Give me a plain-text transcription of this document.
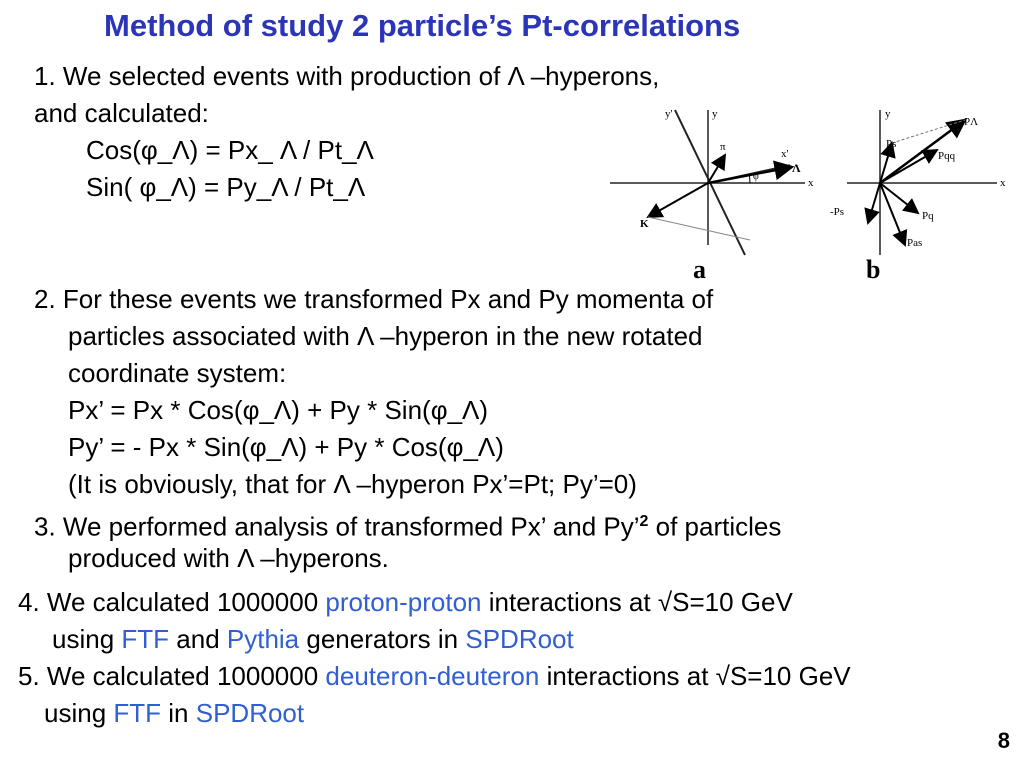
Method of study 2 particle’s Pt-correlations
1. We selected events with production of Λ –hyperons,
and calculated:
Cos(φ_Λ) = Px_ Λ / Pt_Λ
Sin( φ_Λ) = Py_Λ / Pt_Λ
y'	y
x'
x
π
Λ
φ
K
a
y
x
PΛ
Ps
Pqq
-Ps	Pq
Pas
b
2. For these events we transformed Px and Py momenta of
particles associated with Λ –hyperon in the new rotated
coordinate system:
Px’ = Px * Cos(φ_Λ) + Py * Sin(φ_Λ)
Py’ = - Px * Sin(φ_Λ) + Py * Cos(φ_Λ)
(It is obviously, that for Λ –hyperon Px’=Pt; Py’=0)
3. We performed analysis of transformed Px’ and Py’$^2$ of particles
produced with Λ –hyperons.
4. We calculated 1000000 proton-proton interactions at √S=10 GeV
using FTF and Pythia generators in SPDRoot
5. We calculated 1000000 deuteron-deuteron interactions at √S=10 GeV
using FTF in SPDRoot
8
